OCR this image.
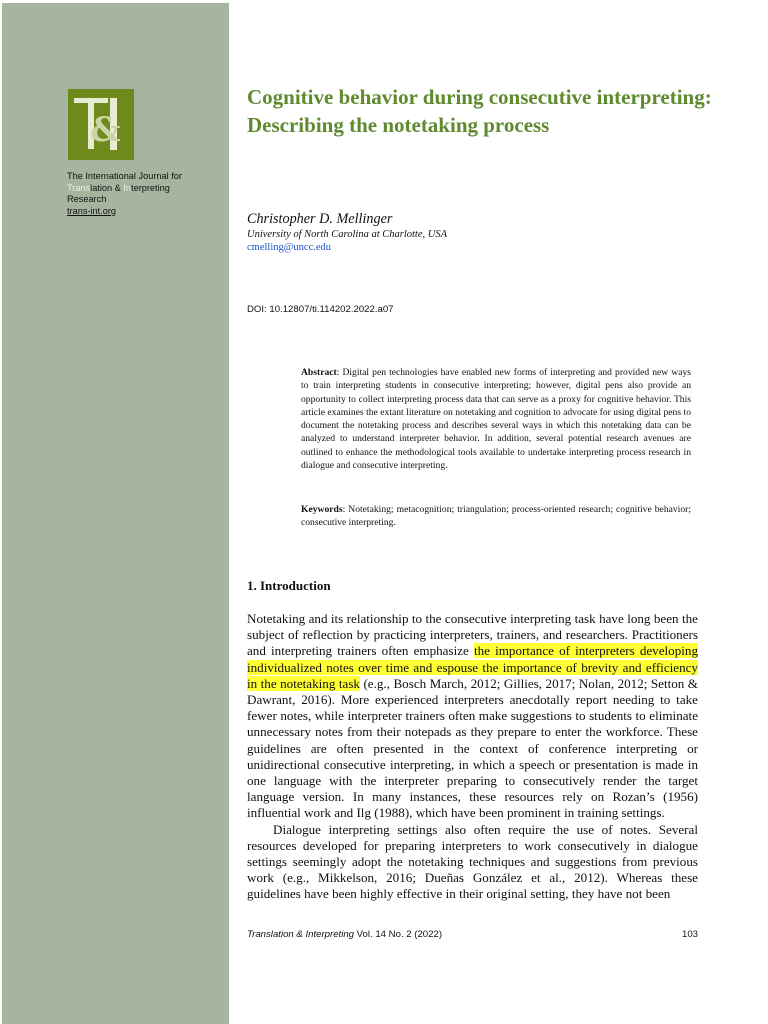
&
The International Journal for
Translation & Interpreting
Research
trans-int.org
Cognitive behavior during consecutive interpreting: Describing the notetaking process
Christopher D. Mellinger
University of North Carolina at Charlotte, USA
cmelling@uncc.edu
DOI: 10.12807/ti.114202.2022.a07

Abstract: Digital pen technologies have enabled new forms of interpreting and provided new ways to train interpreting students in consecutive interpreting; however, digital pens also provide an opportunity to collect interpreting process data that can serve as a proxy for cognitive behavior. This article examines the extant literature on notetaking and cognition to advocate for using digital pens to document the notetaking process and describes several ways in which this notetaking data can be analyzed to understand interpreter behavior. In addition, several potential research avenues are outlined to enhance the methodological tools available to undertake interpreting process research in dialogue and consecutive interpreting.

Keywords: Notetaking; metacognition; triangulation; process-oriented research; cognitive behavior; consecutive interpreting.

1. Introduction

Notetaking and its relationship to the consecutive interpreting task have long been the subject of reflection by practicing interpreters, trainers, and researchers. Practitioners and interpreting trainers often emphasize the importance of interpreters developing individualized notes over time and espouse the importance of brevity and efficiency in the notetaking task (e.g., Bosch March, 2012; Gillies, 2017; Nolan, 2012; Setton & Dawrant, 2016). More experienced interpreters anecdotally report needing to take fewer notes, while interpreter trainers often make suggestions to students to eliminate unnecessary notes from their notepads as they prepare to enter the workforce. These guidelines are often presented in the context of conference interpreting or unidirectional consecutive interpreting, in which a speech or presentation is made in one language with the interpreter preparing to consecutively render the target language version. In many instances, these resources rely on Rozan’s (1956) influential work and Ilg (1988), which have been prominent in training settings.

Dialogue interpreting settings also often require the use of notes. Several resources developed for preparing interpreters to work consecutively in dialogue settings seemingly adopt the notetaking techniques and suggestions from previous work (e.g., Mikkelson, 2016; Dueñas González et al., 2012). Whereas these guidelines have been highly effective in their original setting, they have not been

Translation & Interpreting Vol. 14 No. 2 (2022)	103
